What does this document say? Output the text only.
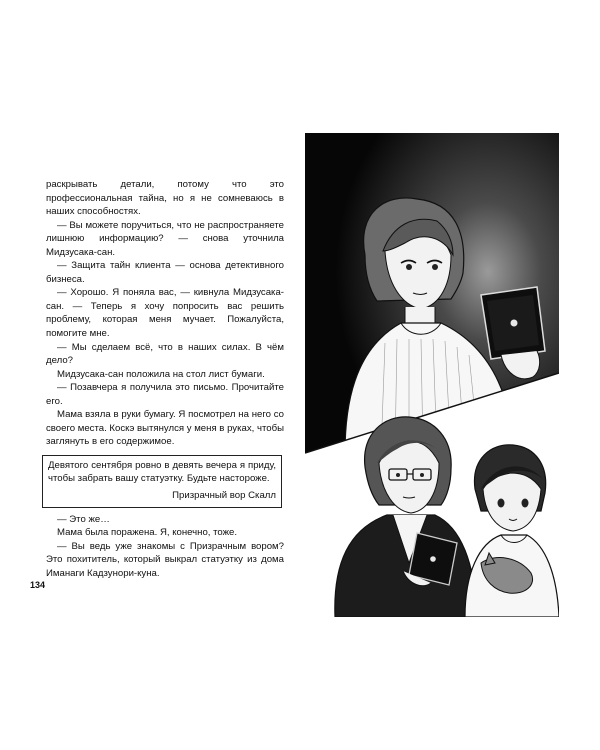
раскрывать детали, потому что это профессиональная тайна, но я не сомневаюсь в наших способностях.

— Вы можете поручиться, что не распространяете лишнюю информацию? — снова уточнила Мидзусака-сан.

— Защита тайн клиента — основа детективного бизнеса.

— Хорошо. Я поняла вас, — кивнула Мидзусака-сан. — Теперь я хочу попросить вас решить проблему, которая меня мучает. Пожалуйста, помогите мне.

— Мы сделаем всё, что в наших силах. В чём дело?

Мидзусака-сан положила на стол лист бумаги.

— Позавчера я получила это письмо. Прочитайте его.

Мама взяла в руки бумагу. Я посмотрел на него со своего места. Коскэ вытянулся у меня в руках, чтобы заглянуть в его содержимое.

Девятого сентября ровно в девять вечера я приду, чтобы забрать вашу статуэтку. Будьте настороже.

Призрачный вор Скалл

— Это же…

Мама была поражена. Я, конечно, тоже.

— Вы ведь уже знакомы с Призрачным вором? Это похититель, который выкрал статуэтку из дома Иманаги Кадзунори-куна.

134
